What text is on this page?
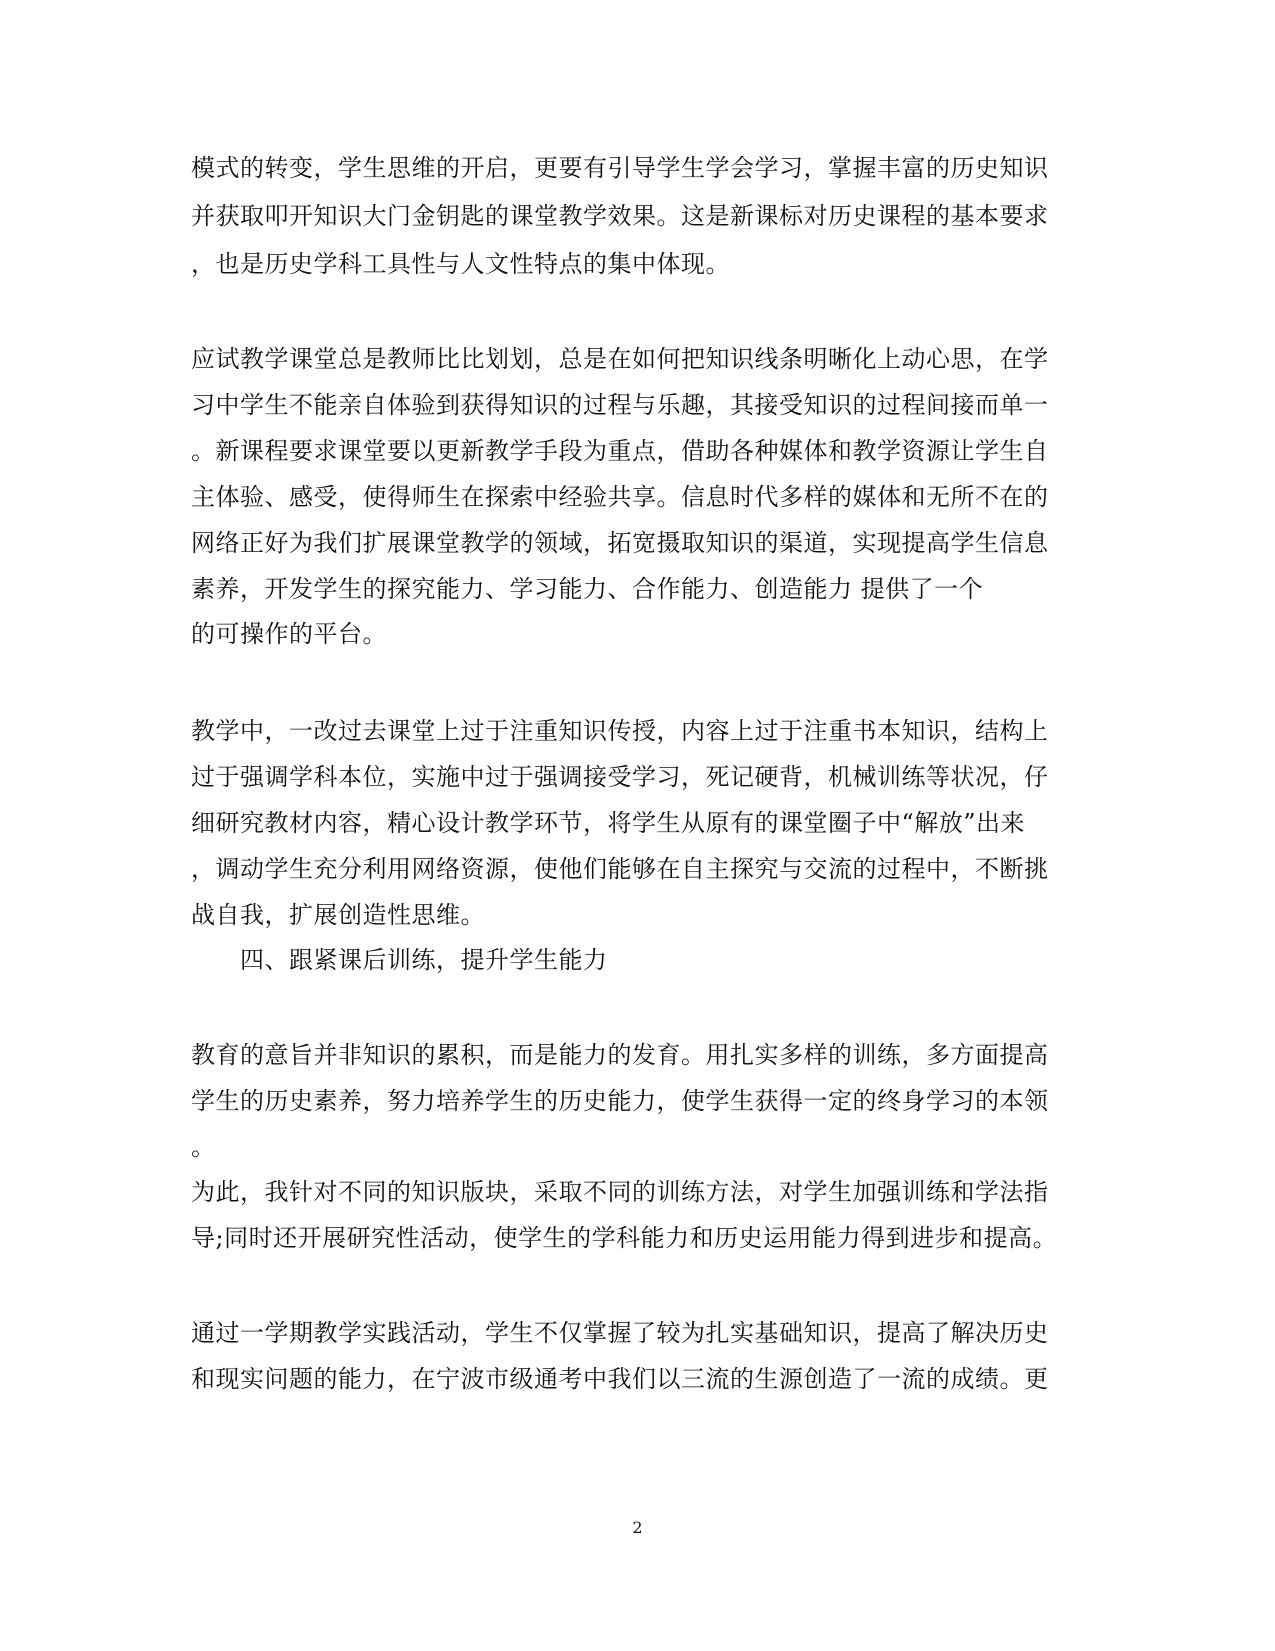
模式的转变，学生思维的开启，更要有引导学生学会学习，掌握丰富的历史知识
并获取叩开知识大门金钥匙的课堂教学效果。这是新课标对历史课程的基本要求
，也是历史学科工具性与人文性特点的集中体现。
应试教学课堂总是教师比比划划，总是在如何把知识线条明晰化上动心思，在学
习中学生不能亲自体验到获得知识的过程与乐趣，其接受知识的过程间接而单一
。新课程要求课堂要以更新教学手段为重点，借助各种媒体和教学资源让学生自
主体验、感受，使得师生在探索中经验共享。信息时代多样的媒体和无所不在的
网络正好为我们扩展课堂教学的领域，拓宽摄取知识的渠道，实现提高学生信息
素养，开发学生的探究能力、学习能力、合作能力、创造能力 提供了一个
的可操作的平台。
教学中，一改过去课堂上过于注重知识传授，内容上过于注重书本知识，结构上
过于强调学科本位，实施中过于强调接受学习，死记硬背，机械训练等状况，仔
细研究教材内容，精心设计教学环节，将学生从原有的课堂圈子中“解放”出来
，调动学生充分利用网络资源，使他们能够在自主探究与交流的过程中，不断挑
战自我，扩展创造性思维。
四、跟紧课后训练，提升学生能力
教育的意旨并非知识的累积，而是能力的发育。用扎实多样的训练，多方面提高
学生的历史素养，努力培养学生的历史能力，使学生获得一定的终身学习的本领
。
为此，我针对不同的知识版块，采取不同的训练方法，对学生加强训练和学法指
导;同时还开展研究性活动，使学生的学科能力和历史运用能力得到进步和提高。
通过一学期教学实践活动，学生不仅掌握了较为扎实基础知识，提高了解决历史
和现实问题的能力，在宁波市级通考中我们以三流的生源创造了一流的成绩。更
2
